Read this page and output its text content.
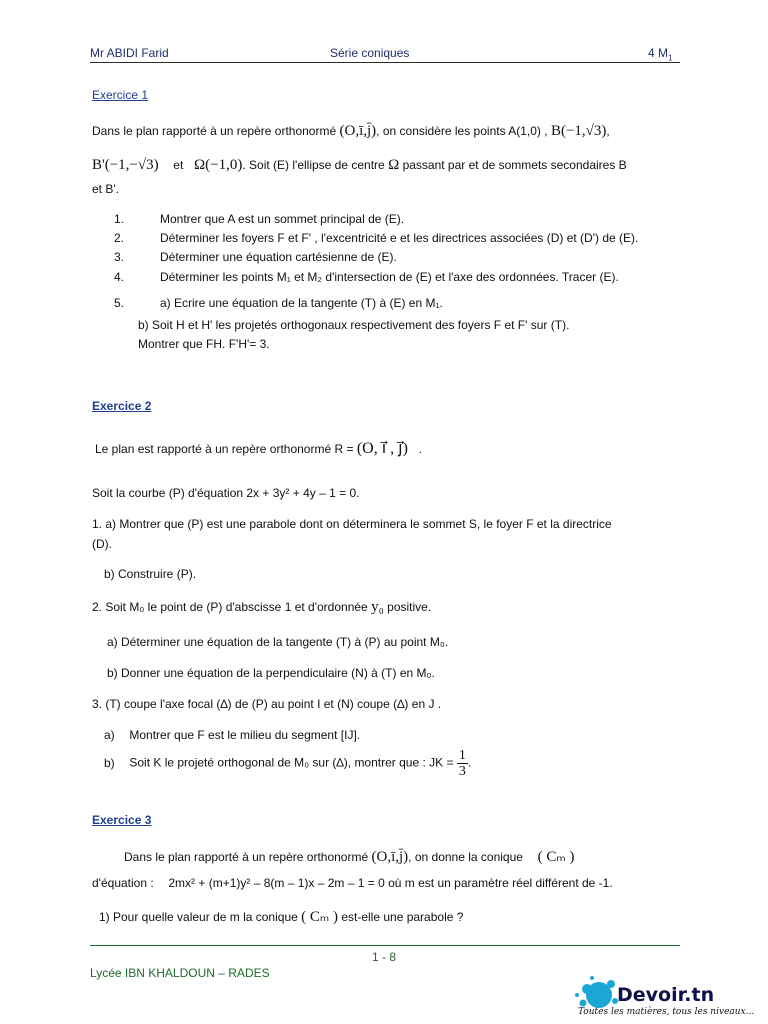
Mr ABIDI Farid	Série coniques	4 $M_1$
Exercice 1
Dans le plan rapporté à un repère orthonormé (O,ī,j̄), on considère les points A(1,0) , B(−1,√3),
B'(−1,−√3) et Ω(−1,0). Soit (E) l'ellipse de centre Ω passant par et de sommets secondaires B
et B'.
1.	Montrer que A est un sommet principal de (E).
2.	Déterminer les foyers F et F' , l'excentricité e et les directrices associées (D) et (D') de (E).
3.	Déterminer une équation cartésienne de (E).
4.	Déterminer les points M₁ et M₂ d'intersection de (E) et l'axe des ordonnées. Tracer (E).
5.	a) Ecrire une équation de la tangente (T) à (E) en M₁.
b) Soit H et H' les projetés orthogonaux respectivement des foyers F et F' sur (T).
Montrer que FH. F'H'= 3.
Exercice 2
Le plan est rapporté à un repère orthonormé R = (O, i⃗ , j⃗) .
Soit la courbe (P) d'équation 2x + 3y² + 4y – 1 = 0.
1. a) Montrer que (P) est une parabole dont on déterminera le sommet S, le foyer F et la directrice
(D).
b) Construire (P).
2. Soit M₀ le point de (P) d'abscisse 1 et d'ordonnée y₀ positive.
a) Déterminer une équation de la tangente (T) à (P) au point M₀.
b) Donner une équation de la perpendiculaire (N) à (T) en M₀.
3. (T) coupe l'axe focal (∆) de (P) au point I et (N) coupe (∆) en J .
a) Montrer que F est le milieu du segment [IJ].
b) Soit K le projeté orthogonal de M₀ sur (∆), montrer que : JK = $\frac{1}{3}$ .
Exercice 3
Dans le plan rapporté à un repère orthonormé (O,ī,j̄), on donne la conique ( Cₘ )
d'équation : 2mx² + (m+1)y² – 8(m – 1)x – 2m – 1 = 0 où m est un paramètre réel différent de -1.
1) Pour quelle valeur de m la conique ( Cₘ ) est-elle une parabole ?
1 - 8
Lycée IBN KHALDOUN – RADES
Devoir.tn
Toutes les matières, tous les niveaux...
